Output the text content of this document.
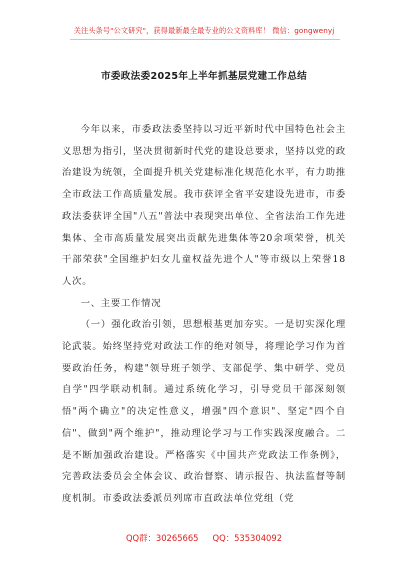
关注头条号"公文研究"，获得最新最全最专业的公文资料库！ 微信：gongwenyj
市委政法委2025年上半年抓基层党建工作总结

今年以来，市委政法委坚持以习近平新时代中国特色社会主义思想为指引，坚决贯彻新时代党的建设总要求，坚持以党的政治建设为统领，全面提升机关党建标准化规范化水平，有力助推全市政法工作高质量发展。我市获评全省平安建设先进市，市委政法委获评全国"八五"普法中表现突出单位、全省法治工作先进集体、全市高质量发展突出贡献先进集体等20余项荣誉，机关干部荣获"全国维护妇女儿童权益先进个人"等市级以上荣誉18人次。

一、主要工作情况

（一）强化政治引领，思想根基更加夯实。一是切实深化理论武装。始终坚持党对政法工作的绝对领导，将理论学习作为首要政治任务，构建"领导班子领学、支部促学、集中研学、党员自学"四学联动机制。通过系统化学习，引导党员干部深刻领悟"两个确立"的决定性意义，增强"四个意识"、坚定"四个自信"、做到"两个维护"，推动理论学习与工作实践深度融合。二是不断加强政治建设。严格落实《中国共产党政法工作条例》，完善政法委员会全体会议、政治督察、请示报告、执法监督等制度机制。市委政法委派员列席市直政法单位党组（党

QQ群：30265665 QQ：535304092
